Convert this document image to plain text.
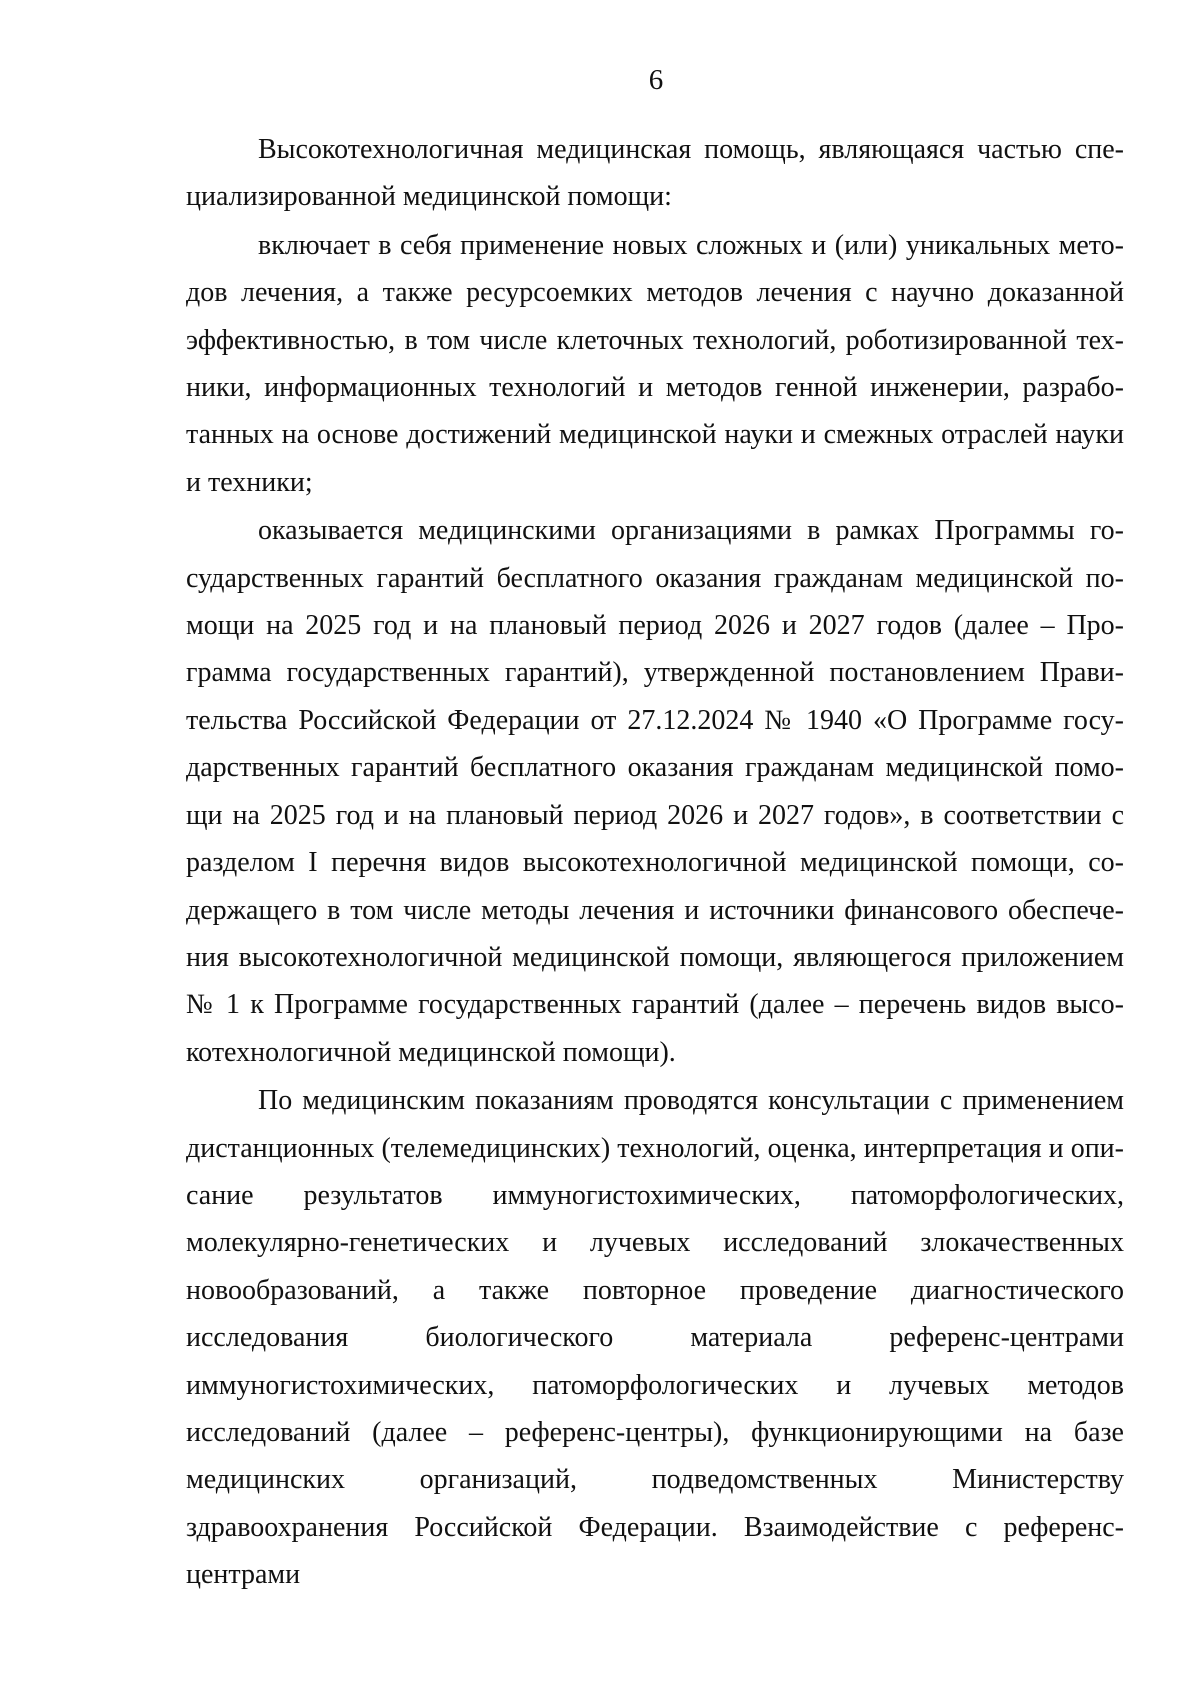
6

Высокотехнологичная медицинская помощь, являющаяся частью специализированной медицинской помощи:

включает в себя применение новых сложных и (или) уникальных методов лечения, а также ресурсоемких методов лечения с научно доказанной эффективностью, в том числе клеточных технологий, роботизированной техники, информационных технологий и методов генной инженерии, разработанных на основе достижений медицинской науки и смежных отраслей науки и техники;

оказывается медицинскими организациями в рамках Программы государственных гарантий бесплатного оказания гражданам медицинской помощи на 2025 год и на плановый период 2026 и 2027 годов (далее – Программа государственных гарантий), утвержденной постановлением Правительства Российской Федерации от 27.12.2024 № 1940 «О Программе государственных гарантий бесплатного оказания гражданам медицинской помощи на 2025 год и на плановый период 2026 и 2027 годов», в соответствии с разделом I перечня видов высокотехнологичной медицинской помощи, содержащего в том числе методы лечения и источники финансового обеспечения высокотехнологичной медицинской помощи, являющегося приложением № 1 к Программе государственных гарантий (далее – перечень видов высокотехнологичной медицинской помощи).

По медицинским показаниям проводятся консультации с применением дистанционных (телемедицинских) технологий, оценка, интерпретация и описание результатов иммуногистохимических, патоморфологических, молекулярно-генетических и лучевых исследований злокачественных новообразований, а также повторное проведение диагностического исследования биологического материала референс-центрами иммуногистохимических, патоморфологических и лучевых методов исследований (далее – референс-центры), функционирующими на базе медицинских организаций, подведомственных Министерству здравоохранения Российской Федерации. Взаимодействие с референс-центрами
